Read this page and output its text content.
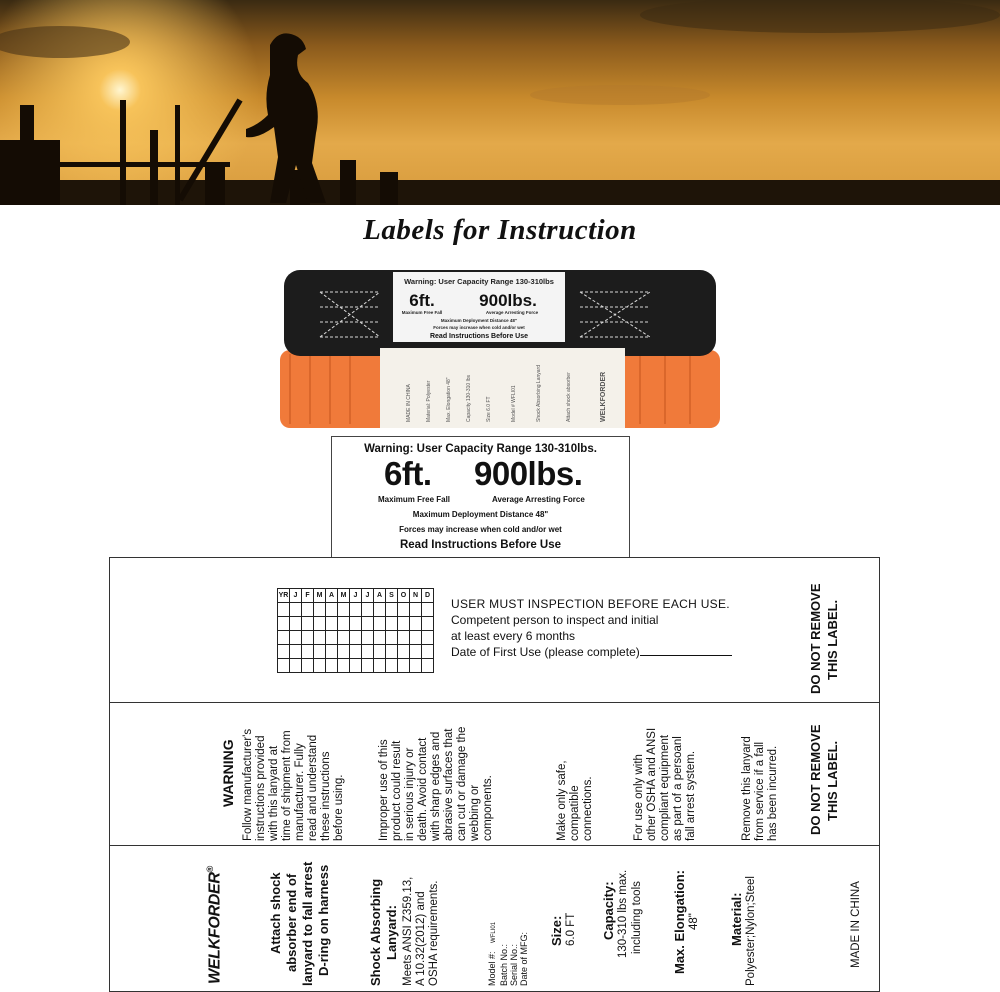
Labels for Instruction
MADE IN CHINA	Material: Polyester	Max. Elongation 48"	Capacity 130-310 lbs	Size 6.0 FT	Model # WFLI01	Shock Absorbing Lanyard	Attach shock absorber	WELKFORDER
Warning: User Capacity Range 130-310lbs
6ft.	900lbs.
Maximum Free Fall	Average Arresting Force
Maximum Deployment Distance 48"
Forces may increase when cold and/or wet
Read Instructions Before Use
Warning: User Capacity Range 130-310lbs.
6ft. 900lbs.
Maximum Free Fall	Average Arresting Force
Maximum Deployment Distance 48"
Forces may increase when cold and/or wet
Read Instructions Before Use
YR	J	F	M	A	M	J	J	A	S	O	N	D

USER MUST INSPECTION BEFORE EACH USE.
Competent person to inspect and initial
at least every 6 months
Date of First Use (please complete)	DO NOT REMOVE THIS LABEL.
WARNING Follow manufacturer's instructions provided with this lanyard at time of shipment from manufacturer. Fully read and understand these instructions before using.	Improper use of this product could result in serious injury or death. Avoid contact with sharp edges and abrasive surfaces that can cut or damage the webbing or components.	Make only safe, compatible connections.	For use only with other OSHA and ANSI compliant equipment as part of a persoanl fall arrest system.	Remove this lanyard from service if a fall has been incurred. DO NOT REMOVE THIS LABEL.
WELKFORDER®
Attach shock absorber end of lanyard to fall arrest D-ring on harness	Shock Absorbing Lanyard: Meets ANSI Z359.13, A 10.32(2012) and OSHA requirements.	Model #: WFLI01
Batch No.: Serial No.: Date of MFG:
Size: 6.0 FT Capacity: 130-310 lbs max. including tools Max. Elongation: 48" Material: Polyester;Nylon;Steel	MADE IN CHINA
